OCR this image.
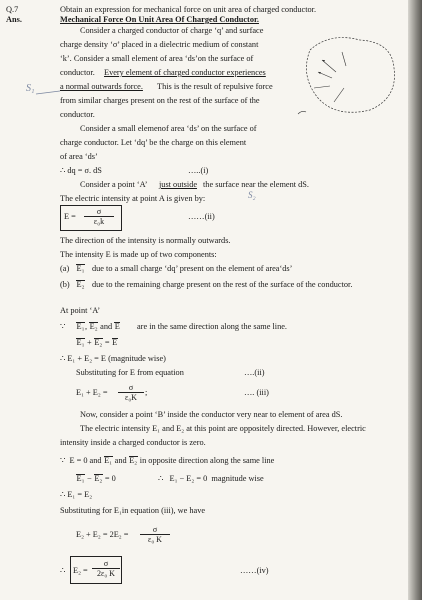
Q.7	Obtain an expression for mechanical force on unit area of charged conductor.
Ans.	Mechanical Force On Unit Area Of Charged Conductor.
Consider a charged conductor of charge ‘q’ and surface
charge density ‘σ’ placed in a dielectric medium of constant
‘k’. Consider a small element of area ‘ds’on the surface of
conductor. Every element of charged conductor experiences
a normal outwards force. This is the result of repulsive force
from similar charges present on the rest of the surface of the
conductor.
S₁
Consider a small elemenof area ‘ds’ on the surface of
charge conductor. Let ‘dq’ be the charge on this element
of area ‘ds’
∴ dq = σ. dS	…..(i)
Consider a point ‘A’ just outside the surface near the element dS.
The electric intensity at point A is given by:	S₂
$E = \frac{\sigma}{\text{ε₀k}}$	……(ii)
The direction of the intensity is normally outwards.
The intensity E is made up of two components:
(a) E₁ due to a small charge ‘dq’ present on the element of area‘ds’
(b) E₂ due to the remaining charge present on the rest of the surface of the conductor.
At point ‘A’
∵ E₁, E₂ and E are in the same direction along the same line.
E₁ + E₂ = E
∴ E₁ + E₂ = E (magnitude wise)
Substituting for E from equation	….(ii)
$E_1 + E_2 = \frac{\sigma}{\text{ε₀K}}$ ;	…. (iii)
Now, consider a point ‘B’ inside the conductor very near to element of area dS.
The electric intensity E₁ and E₂ at this point are oppositely directed. However, electric
intensity inside a charged conductor is zero.
∵ E = 0 and E₁ and E₂ in opposite direction along the same line
E₁ − E₂ = 0	∴ E₁ − E₂ = 0 magnitude wise
∴ E₁ = E₂
Substituting for E₁in equation (iii), we have
$E_2 + E_2 = 2E_2 = \frac{\sigma}{\text{ε₀ K}}$
∴ $E_2 = \frac{\sigma}{\text{2ε₀ K}}$	……(iv)
